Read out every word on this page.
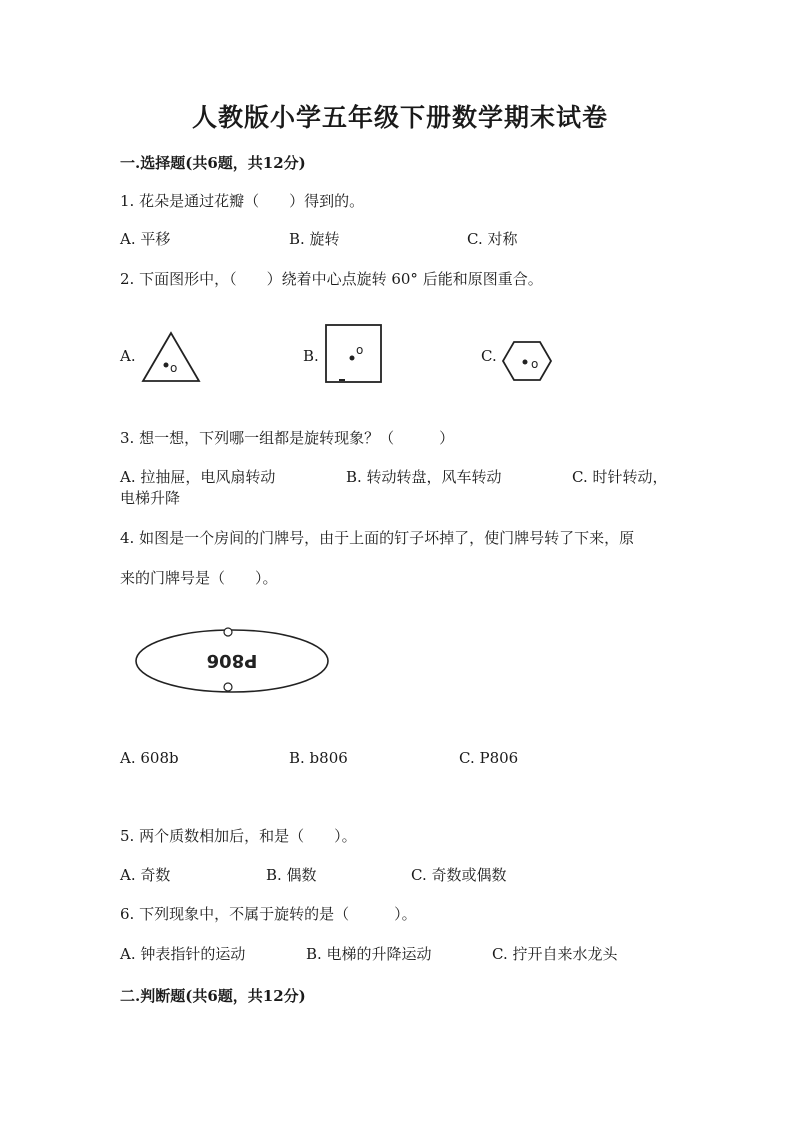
人教版小学五年级下册数学期末试卷
一.选择题(共6题，共12分)
1. 花朵是通过花瓣（　　）得到的。
A. 平移	B. 旋转	C. 对称
2. 下面图形中，（　　）绕着中心点旋转 60° 后能和原图重合。
A.	B.	C.
o
o
o
3. 想一想，下列哪一组都是旋转现象？（　　　）
A. 拉抽屉，电风扇转动	B. 转动转盘，风车转动	C. 时针转动，
电梯升降
4. 如图是一个房间的门牌号，由于上面的钉子坏掉了，使门牌号转了下来，原
来的门牌号是（　　）。
P806
A. 608b	B. b806	C. P806
5. 两个质数相加后，和是（　　）。
A. 奇数	B. 偶数	C. 奇数或偶数
6. 下列现象中，不属于旋转的是（　　　）。
A. 钟表指针的运动	B. 电梯的升降运动	C. 拧开自来水龙头
二.判断题(共6题，共12分)
